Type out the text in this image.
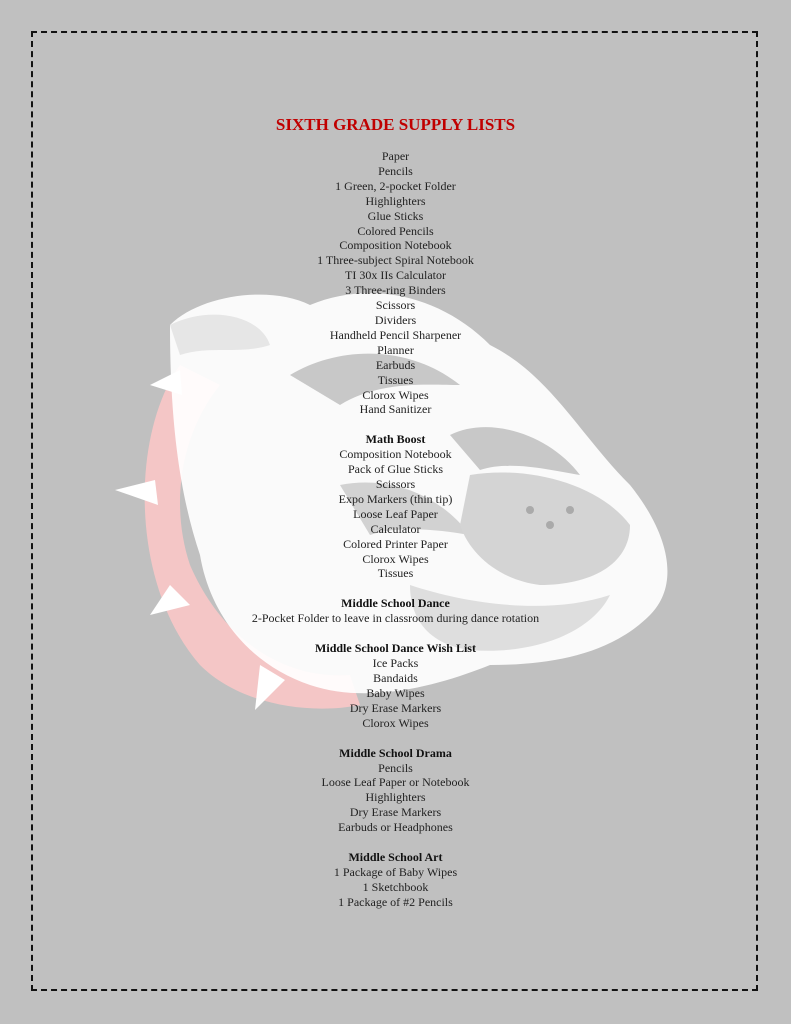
SIXTH GRADE SUPPLY LISTS
Paper
Pencils
1 Green, 2-pocket Folder
Highlighters
Glue Sticks
Colored Pencils
Composition Notebook
1 Three-subject Spiral Notebook
TI 30x IIs Calculator
3 Three-ring Binders
Scissors
Dividers
Handheld Pencil Sharpener
Planner
Earbuds
Tissues
Clorox Wipes
Hand Sanitizer
Math Boost
Composition Notebook
Pack of Glue Sticks
Scissors
Expo Markers (thin tip)
Loose Leaf Paper
Calculator
Colored Printer Paper
Clorox Wipes
Tissues
Middle School Dance
2-Pocket Folder to leave in classroom during dance rotation
Middle School Dance Wish List
Ice Packs
Bandaids
Baby Wipes
Dry Erase Markers
Clorox Wipes
Middle School Drama
Pencils
Loose Leaf Paper or Notebook
Highlighters
Dry Erase Markers
Earbuds or Headphones
Middle School Art
1 Package of Baby Wipes
1 Sketchbook
1 Package of #2 Pencils
